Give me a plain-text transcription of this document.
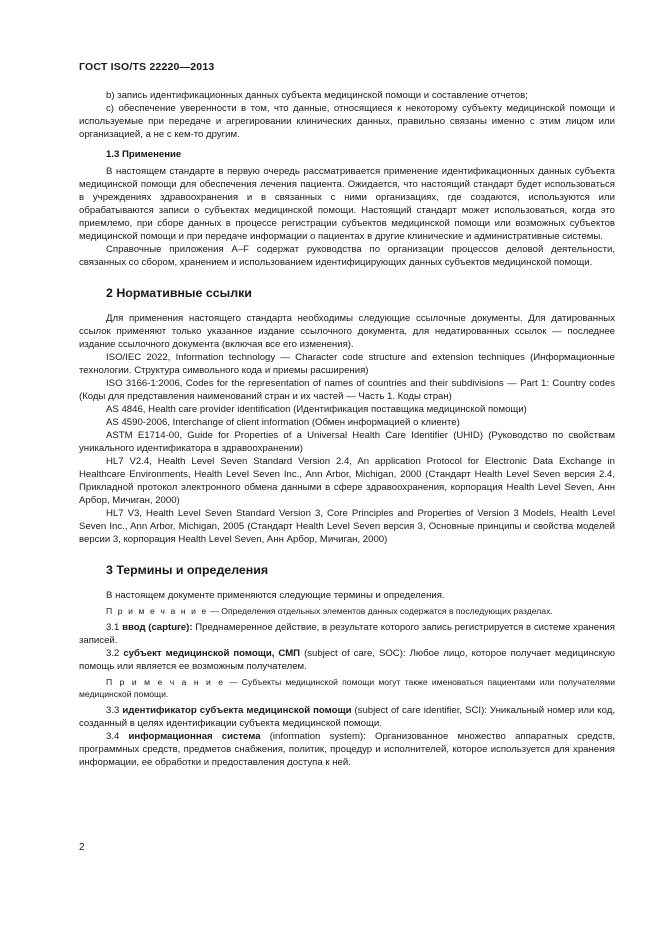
ГОСТ ISO/TS 22220—2013

b) запись идентификационных данных субъекта медицинской помощи и составление отчетов;

c) обеспечение уверенности в том, что данные, относящиеся к некоторому субъекту медицинской помощи и используемые при передаче и агрегировании клинических данных, правильно связаны именно с этим лицом или организацией, а не с кем-то другим.

1.3 Применение

В настоящем стандарте в первую очередь рассматривается применение идентификационных данных субъекта медицинской помощи для обеспечения лечения пациента. Ожидается, что настоящий стандарт будет использоваться в учреждениях здравоохранения и в связанных с ними организациях, где создаются, используются или обрабатываются записи о субъектах медицинской помощи. Настоящий стандарт может использоваться, когда это приемлемо, при сборе данных в процессе регистрации субъектов медицинской помощи или возможных субъектов медицинской помощи и при передаче информации о пациентах в другие клинические и административные системы.

Справочные приложения A–F содержат руководства по организации процессов деловой деятельности, связанных со сбором, хранением и использованием идентифицирующих данных субъектов медицинской помощи.

2 Нормативные ссылки

Для применения настоящего стандарта необходимы следующие ссылочные документы. Для датированных ссылок применяют только указанное издание ссылочного документа, для недатированных ссылок — последнее издание ссылочного документа (включая все его изменения).

ISO/IEC 2022, Information technology — Character code structure and extension techniques (Информационные технологии. Структура символьного кода и приемы расширения)

ISO 3166-1:2006, Codes for the representation of names of countries and their subdivisions — Part 1: Country codes (Коды для представления наименований стран и их частей — Часть 1. Коды стран)

AS 4846, Health care provider identification (Идентификация поставщика медицинской помощи)

AS 4590-2006, Interchange of client information (Обмен информацией о клиенте)

ASTM E1714-00, Guide for Properties of a Universal Health Care Identifier (UHID) (Руководство по свойствам уникального идентификатора в здравоохранении)

HL7 V2.4, Health Level Seven Standard Version 2.4, An application Protocol for Electronic Data Exchange in Healthcare Environments, Health Level Seven Inc., Ann Arbor, Michigan, 2000 (Стандарт Health Level Seven версия 2.4, Прикладной протокол электронного обмена данными в сфере здравоохранения, корпорация Health Level Seven, Анн Арбор, Мичиган, 2000)

HL7 V3, Health Level Seven Standard Version 3, Core Principles and Properties of Version 3 Models, Health Level Seven Inc., Ann Arbor, Michigan, 2005 (Стандарт Health Level Seven версия 3, Основные принципы и свойства моделей версии 3, корпорация Health Level Seven, Анн Арбор, Мичиган, 2000)

3 Термины и определения

В настоящем документе применяются следующие термины и определения.

П р и м е ч а н и е — Определения отдельных элементов данных содержатся в последующих разделах.

3.1 ввод (capture): Преднамеренное действие, в результате которого запись регистрируется в системе хранения записей.

3.2 субъект медицинской помощи, СМП (subject of care, SOC): Любое лицо, которое получает медицинскую помощь или является ее возможным получателем.

П р и м е ч а н и е — Субъекты медицинской помощи могут также именоваться пациентами или получателями медицинской помощи.

3.3 идентификатор субъекта медицинской помощи (subject of care identifier, SCI): Уникальный номер или код, созданный в целях идентификации субъекта медицинской помощи.

3.4 информационная система (information system): Организованное множество аппаратных средств, программных средств, предметов снабжения, политик, процедур и исполнителей, которое используется для хранения информации, ее обработки и предоставления доступа к ней.

2
